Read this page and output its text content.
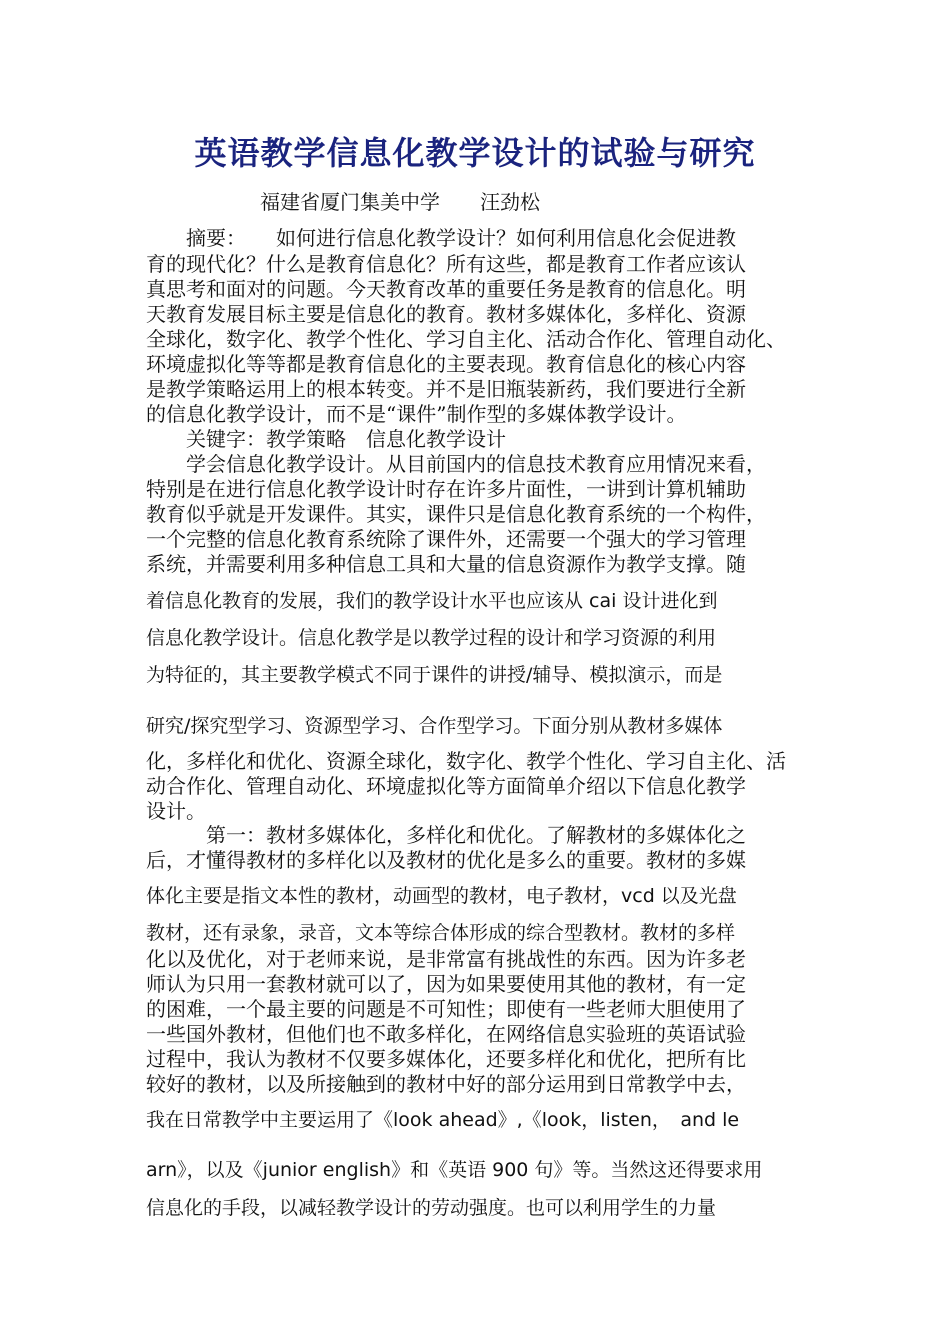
英语教学信息化教学设计的试验与研究
福建省厦门集美中学　　汪劲松
　　摘要：　　如何进行信息化教学设计？如何利用信息化会促进教
育的现代化？什么是教育信息化？所有这些，都是教育工作者应该认
真思考和面对的问题。今天教育改革的重要任务是教育的信息化。明
天教育发展目标主要是信息化的教育。教材多媒体化，多样化、资源
全球化，数字化、教学个性化、学习自主化、活动合作化、管理自动化、
环境虚拟化等等都是教育信息化的主要表现。教育信息化的核心内容
是教学策略运用上的根本转变。并不是旧瓶装新药，我们要进行全新
的信息化教学设计，而不是“课件”制作型的多媒体教学设计。
　　关键字：教学策略　信息化教学设计
　　学会信息化教学设计。从目前国内的信息技术教育应用情况来看，
特别是在进行信息化教学设计时存在许多片面性，一讲到计算机辅助
教育似乎就是开发课件。其实，课件只是信息化教育系统的一个构件，
一个完整的信息化教育系统除了课件外，还需要一个强大的学习管理
系统，并需要利用多种信息工具和大量的信息资源作为教学支撑。随
着信息化教育的发展，我们的教学设计水平也应该从 cai 设计进化到
信息化教学设计。信息化教学是以教学过程的设计和学习资源的利用
为特征的，其主要教学模式不同于课件的讲授/辅导、模拟演示，而是
研究/探究型学习、资源型学习、合作型学习。下面分别从教材多媒体
化，多样化和优化、资源全球化，数字化、教学个性化、学习自主化、活
动合作化、管理自动化、环境虚拟化等方面简单介绍以下信息化教学
设计。
　　　第一：教材多媒体化，多样化和优化。了解教材的多媒体化之
后，才懂得教材的多样化以及教材的优化是多么的重要。教材的多媒
体化主要是指文本性的教材，动画型的教材，电子教材，vcd 以及光盘
教材，还有录象，录音，文本等综合体形成的综合型教材。教材的多样
化以及优化，对于老师来说，是非常富有挑战性的东西。因为许多老
师认为只用一套教材就可以了，因为如果要使用其他的教材，有一定
的困难，一个最主要的问题是不可知性；即使有一些老师大胆使用了
一些国外教材，但他们也不敢多样化，在网络信息实验班的英语试验
过程中，我认为教材不仅要多媒体化，还要多样化和优化，把所有比
较好的教材，以及所接触到的教材中好的部分运用到日常教学中去，
我在日常教学中主要运用了《look ahead》,《look，listen，　and le
arn》，以及《junior english》和《英语 900 句》等。当然这还得要求用
信息化的手段，以减轻教学设计的劳动强度。也可以利用学生的力量
